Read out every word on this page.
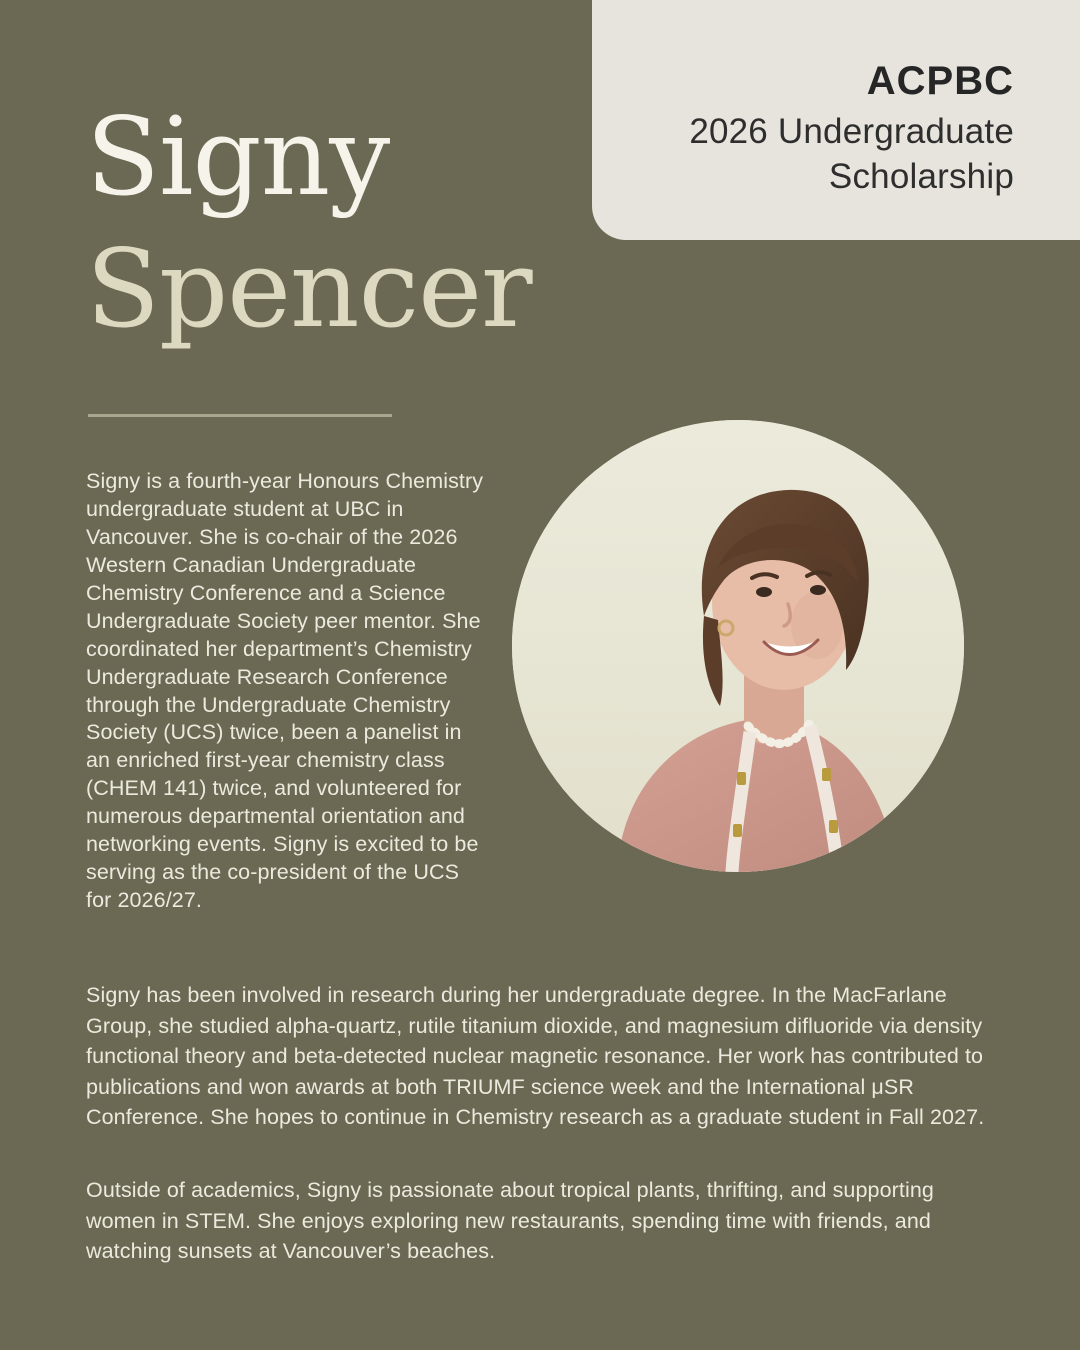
ACPBC
2026 Undergraduate Scholarship
Signy
Spencer
Signy is a fourth-year Honours Chemistry undergraduate student at UBC in Vancouver. She is co-chair of the 2026 Western Canadian Undergraduate Chemistry Conference and a Science Undergraduate Society peer mentor. She coordinated her department’s Chemistry Undergraduate Research Conference through the Undergraduate Chemistry Society (UCS) twice, been a panelist in an enriched first-year chemistry class (CHEM 141) twice, and volunteered for numerous departmental orientation and networking events. Signy is excited to be serving as the co-president of the UCS for 2026/27.
Signy has been involved in research during her undergraduate degree. In the MacFarlane Group, she studied alpha-quartz, rutile titanium dioxide, and magnesium difluoride via density functional theory and beta-detected nuclear magnetic resonance. Her work has contributed to publications and won awards at both TRIUMF science week and the International μSR Conference. She hopes to continue in Chemistry research as a graduate student in Fall 2027.
Outside of academics, Signy is passionate about tropical plants, thrifting, and supporting women in STEM. She enjoys exploring new restaurants, spending time with friends, and watching sunsets at Vancouver’s beaches.
